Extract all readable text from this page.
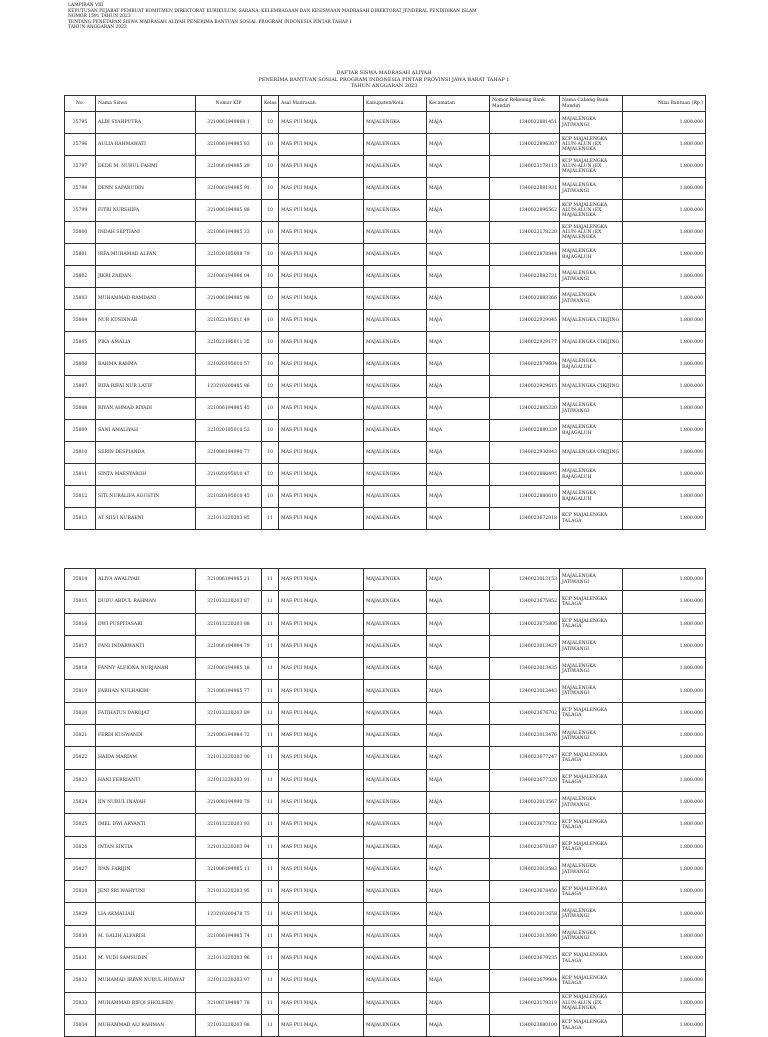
LAMPIRAN VIII
KEPUTUSAN PEJABAT PEMBUAT KOMITMEN DIREKTORAT KURIKULUM, SARANA, KELEMBAGAAN DAN KESISWAAN MADRASAH DIREKTORAT JENDERAL PENDIDIKAN ISLAM
NOMOR 1591 TAHUN 2023
TENTANG PENETAPAN SISWA MADRASAH ALIYAH PENERIMA BANTUAN SOSIAL PROGRAM INDONESIA PINTAR TAHAP 1
TAHUN ANGGARAN 2023
DAFTAR SISWA MADRASAH ALIYAH
PENERIMA BANTUAN SOSIAL PROGRAM INDONESIA PINTAR PROVINSI JAWA BARAT TAHAP 1
TAHUN ANGGARAN 2023
No.	Nama Siswa	Nomor KIP	Kelas	Asal Madrasah	Kabupaten/Kota	Kecamatan	Nomor Rekening Bank Mandiri	Nama Cabang Bank Mandiri	Nilai Bantuan (Rp.)
35795	ALDI SYAHPUTRA	3210061949868 1	10	MAS PUI MAJA	MAJALENGKA	MAJA	1340022881451	MAJALENGKA JATIWANGI	1.800.000
35796	AULIA RAHMAWATI	321006194985 83	10	MAS PUI MAJA	MAJALENGKA	MAJA	1340022896307	KCP MAJALENGKA ALUN-ALUN (EX MAJALENGKA	1.800.000
35797	DEDE M. NURUL FAHMI	321006194985 29	10	MAS PUI MAJA	MAJALENGKA	MAJA	1340023178113	KCP MAJALENGKA ALUN-ALUN (EX MAJALENGKA	1.800.000
35798	DENN SAPARUDIN	321006194985 91	10	MAS PUI MAJA	MAJALENGKA	MAJA	1340022881931	MAJALENGKA JATIWANGI	1.800.000
35799	FITRI NURSHIFA	321006194985 88	10	MAS PUI MAJA	MAJALENGKA	MAJA	1340022896562	KCP MAJALENGKA ALUN-ALUN (EX MAJALENGKA	1.800.000
35800	INDAH SEPTIANI	321006194985 33	10	MAS PUI MAJA	MAJALENGKA	MAJA	1340023178220	KCP MAJALENGKA ALUN-ALUN (EX MAJALENGKA	1.800.000
35801	IRFA MUHAMAD ALFAN	321020195008 79	10	MAS PUI MAJA	MAJALENGKA	MAJA	1340022878844	MAJALENGKA RAJAGALUH	1.800.000
35802	JIKRI ZAIDAN	321006194986 04	10	MAS PUI MAJA	MAJALENGKA	MAJA	1340022882731	MAJALENGKA JATIWANGI	1.800.000
35803	MUHAMMAD RAMDANI	321006194985 98	10	MAS PUI MAJA	MAJALENGKA	MAJA	1340022883366	MAJALENGKA JATIWANGI	1.800.000
35804	NUR KUSDINAR	321022195011 49	10	MAS PUI MAJA	MAJALENGKA	MAJA	1340022929045	MAJALENGKA CIKIJING	1.800.000
35805	PIKA AMALIA	321022195011 35	10	MAS PUI MAJA	MAJALENGKA	MAJA	1340022929177	MAJALENGKA CIKIJING	1.800.000
35806	RAHMA RAHMA	321020195010 57	10	MAS PUI MAJA	MAJALENGKA	MAJA	1340022879604	MAJALENGKA RAJAGALUH	1.800.000
35807	RIFA RIFAI NUR LATIF	123210200485 86	10	MAS PUI MAJA	MAJALENGKA	MAJA	1340022929615	MAJALENGKA CIKIJING	1.800.000
35808	RIYAN AHMAD RIYADI	321006194985 45	10	MAS PUI MAJA	MAJALENGKA	MAJA	1340022885320	MAJALENGKA JATIWANGI	1.800.000
35809	SANI AMALIYAH	321020195010 52	10	MAS PUI MAJA	MAJALENGKA	MAJA	1340022880339	MAJALENGKA RAJAGALUH	1.800.000
35810	SERIN DESPIANDA	321008194990 77	10	MAS PUI MAJA	MAJALENGKA	MAJA	1340022930843	MAJALENGKA CIKIJING	1.800.000
35811	SINTA MAESYAROH	321020195010 47	10	MAS PUI MAJA	MAJALENGKA	MAJA	1340022880495	MAJALENGKA RAJAGALUH	1.800.000
35812	SITI NURALIFA AGUSTIN	321020195010 45	10	MAS PUI MAJA	MAJALENGKA	MAJA	1340022880610	MAJALENGKA RAJAGALUH	1.800.000
35813	AT SILVI NURAENI	321013220203 85	11	MAS PUI MAJA	MAJALENGKA	MAJA	1340023672818	KCP MAJALENGKA TALAGA	1.800.000
35814	ALIVA AWALIYAH	321006194985 21	11	MAS PUI MAJA	MAJALENGKA	MAJA	1340023013153	MAJALENGKA JATIWANGI	1.800.000
35815	DUDU ABDUL RAHMAN	321013220203 87	11	MAS PUI MAJA	MAJALENGKA	MAJA	1340023675852	KCP MAJALENGKA TALAGA	1.800.000
35816	DWI PUSPITASARI	321013220203 88	11	MAS PUI MAJA	MAJALENGKA	MAJA	1340023675806	KCP MAJALENGKA TALAGA	1.800.000
35817	FANI INDARWANTI	321006194984 79	11	MAS PUI MAJA	MAJALENGKA	MAJA	1340023013427	MAJALENGKA JATIWANGI	1.800.000
35818	FANNY ALFIONA NURJANAH	321006194985 18	11	MAS PUI MAJA	MAJALENGKA	MAJA	1340023013435	MAJALENGKA JATIWANGI	1.800.000
35819	FARHAN NULHAKIM	321006194985 77	11	MAS PUI MAJA	MAJALENGKA	MAJA	1340023013443	MAJALENGKA JATIWANGI	1.800.000
35820	FATIHATUS DAROJAT	321013220203 89	11	MAS PUI MAJA	MAJALENGKA	MAJA	1340023676702	KCP MAJALENGKA TALAGA	1.800.000
35821	FERDI KUSWANDI	321006194984 72	11	MAS PUI MAJA	MAJALENGKA	MAJA	1340023013476	MAJALENGKA JATIWANGI	1.800.000
35822	HAIDA MARIAM	321013220203 90	11	MAS PUI MAJA	MAJALENGKA	MAJA	1340023677247	KCP MAJALENGKA TALAGA	1.800.000
35823	HANI FEBRIANTI	321013220203 91	11	MAS PUI MAJA	MAJALENGKA	MAJA	1340023677320	KCP MAJALENGKA TALAGA	1.800.000
35824	IIN NURUL INAYAH	321008194990 79	11	MAS PUI MAJA	MAJALENGKA	MAJA	1340023013567	MAJALENGKA JATIWANGI	1.800.000
35825	IMEL DWI ARYANTI	321013220203 93	11	MAS PUI MAJA	MAJALENGKA	MAJA	1340023677932	KCP MAJALENGKA TALAGA	1.800.000
35826	INTAN SINTIA	321013220203 94	11	MAS PUI MAJA	MAJALENGKA	MAJA	1340023678187	KCP MAJALENGKA TALAGA	1.800.000
35827	IPAN FARIJIN	321006194985 11	11	MAS PUI MAJA	MAJALENGKA	MAJA	1340023013583	MAJALENGKA JATIWANGI	1.800.000
35828	JENI SRI WAHYUNI	321013220203 95	11	MAS PUI MAJA	MAJALENGKA	MAJA	1340023678450	KCP MAJALENGKA TALAGA	1.800.000
35829	LIA AKMALIAH	123210200478 75	11	MAS PUI MAJA	MAJALENGKA	MAJA	1340023013658	MAJALENGKA JATIWANGI	1.800.000
35830	M. GALIH ALFARISI	321006194985 74	11	MAS PUI MAJA	MAJALENGKA	MAJA	1340023013690	MAJALENGKA JATIWANGI	1.800.000
35831	M. YUDI SAMSUDIN	321013220203 96	11	MAS PUI MAJA	MAJALENGKA	MAJA	1340023679235	KCP MAJALENGKA TALAGA	1.800.000
35832	MUHAMAD IRPAN NURUL HIDAYAT	321013220203 97	11	MAS PUI MAJA	MAJALENGKA	MAJA	1340023679904	KCP MAJALENGKA TALAGA	1.800.000
35833	MUHAMMAD RIFQI SHOLIHIN	321007194987 78	11	MAS PUI MAJA	MAJALENGKA	MAJA	1340023179319	KCP MAJALENGKA ALUN-ALUN (EX MAJALENGKA	1.800.000
35834	MUHAMMAD ALI RAHMAN	321013220203 98	11	MAS PUI MAJA	MAJALENGKA	MAJA	1340023680100	KCP MAJALENGKA TALAGA	1.800.000
